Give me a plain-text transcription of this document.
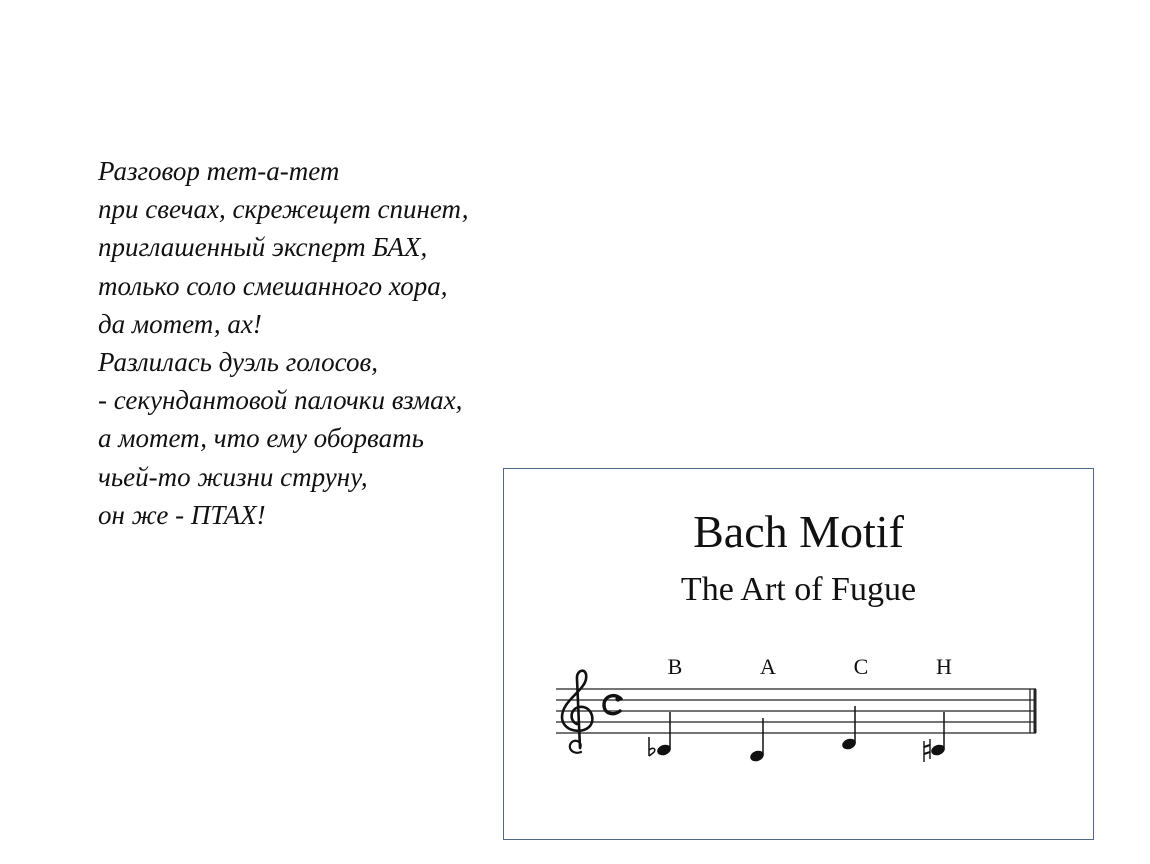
Разговор тет-а-тет
при свечах, скрежещет спинет,
приглашенный эксперт БАХ,
только соло смешанного хора,
да мотет, ах!
Разлилась дуэль голосов,
- секундантовой палочки взмах,
а мотет, что ему оборвать
чьей-то жизни струну,
он же - ПТАХ!	Bach Motif
The Art of Fugue
B	A	C	H
